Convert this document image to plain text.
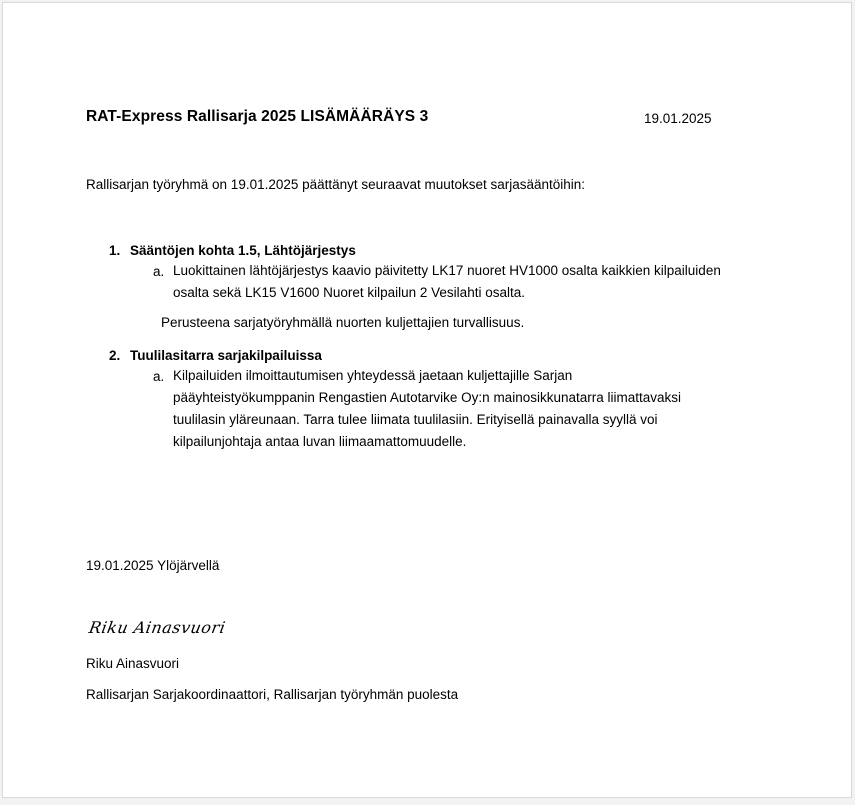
RAT-Express Rallisarja 2025 LISÄMÄÄRÄYS 3	19.01.2025
Rallisarjan työryhmä on 19.01.2025 päättänyt seuraavat muutokset sarjasääntöihin:
1. Sääntöjen kohta 1.5, Lähtöjärjestys
a. Luokittainen lähtöjärjestys kaavio päivitetty LK17 nuoret HV1000 osalta kaikkien kilpailuiden
osalta sekä LK15 V1600 Nuoret kilpailun 2 Vesilahti osalta.
Perusteena sarjatyöryhmällä nuorten kuljettajien turvallisuus.
2. Tuulilasitarra sarjakilpailuissa
a. Kilpailuiden ilmoittautumisen yhteydessä jaetaan kuljettajille Sarjan
pääyhteistyökumppanin Rengastien Autotarvike Oy:n mainosikkunatarra liimattavaksi
tuulilasin yläreunaan. Tarra tulee liimata tuulilasiin. Erityisellä painavalla syyllä voi
kilpailunjohtaja antaa luvan liimaamattomuudelle.
19.01.2025 Ylöjärvellä
Riku Ainasvuori
Riku Ainasvuori
Rallisarjan Sarjakoordinaattori, Rallisarjan työryhmän puolesta
